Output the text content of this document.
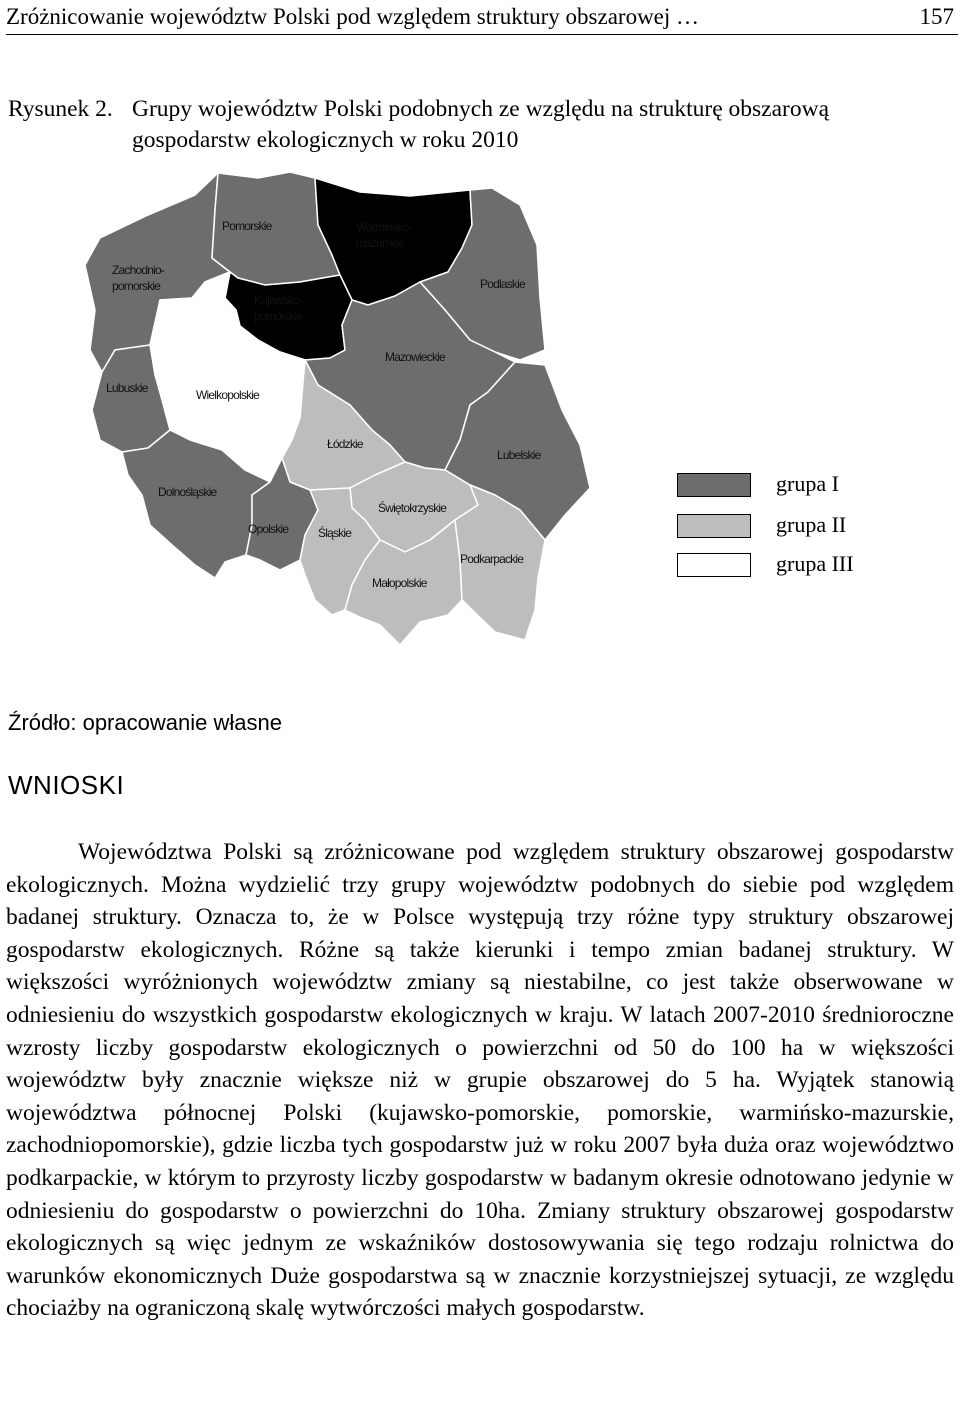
Zróżnicowanie województw Polski pod względem struktury obszarowej …	157
Rysunek 2. Grupy województw Polski podobnych ze względu na strukturę obszarową gospodarstw ekologicznych w roku 2010
Zachodnio-
pomorskie
Pomorskie	Warmińsko-
mazurskie
Kujawsko-
pomorskie
Podlaskie
Mazowieckie
Lubuskie	Wielkopolskie
Łódzkie
Lubelskie
Dolnośląskie
Świętokrzyskie
Opolskie Śląskie
Podkarpackie
Małopolskie
grupa I
grupa II
grupa III
Źródło: opracowanie własne
WNIOSKI

Województwa Polski są zróżnicowane pod względem struktury obszarowej gospodarstw ekologicznych. Można wydzielić trzy grupy województw podobnych do siebie pod względem badanej struktury. Oznacza to, że w Polsce występują trzy różne typy struktury obszarowej gospodarstw ekologicznych. Różne są także kierunki i tempo zmian badanej struktury. W większości wyróżnionych województw zmiany są niestabilne, co jest także obserwowane w odniesieniu do wszystkich gospodarstw ekologicznych w kraju. W latach 2007-2010 średnioroczne wzrosty liczby gospodarstw ekologicznych o powierzchni od 50 do 100 ha w większości województw były znacznie większe niż w grupie obszarowej do 5 ha. Wyjątek stanowią województwa północnej Polski (kujawsko-pomorskie, pomorskie, warmińsko-mazurskie, zachodniopomorskie), gdzie liczba tych gospodarstw już w roku 2007 była duża oraz województwo podkarpackie, w którym to przyrosty liczby gospodarstw w badanym okresie odnotowano jedynie w odniesieniu do gospodarstw o powierzchni do 10ha. Zmiany struktury obszarowej gospodarstw ekologicznych są więc jednym ze wskaźników dostosowywania się tego rodzaju rolnictwa do warunków ekonomicznych Duże gospodarstwa są w znacznie korzystniejszej sytuacji, ze względu chociażby na ograniczoną skalę wytwórczości małych gospodarstw.
